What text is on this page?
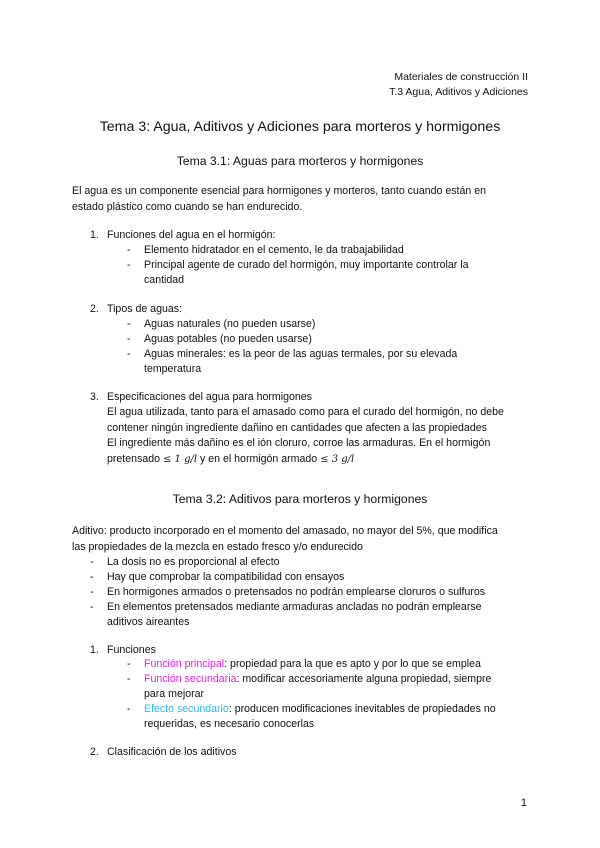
Materiales de construcción II
T.3 Agua, Aditivos y Adiciones
Tema 3: Agua, Aditivos y Adiciones para morteros y hormigones
Tema 3.1: Aguas para morteros y hormigones
El agua es un componente esencial para hormigones y morteros, tanto cuando están en
estado plástico como cuando se han endurecido.
1. Funciones del agua en el hormigón:
- Elemento hidratador en el cemento, le da trabajabilidad
- Principal agente de curado del hormigón, muy importante controlar la
cantidad
2. Tipos de aguas:
- Aguas naturales (no pueden usarse)
- Aguas potables (no pueden usarse)
- Aguas minerales: es la peor de las aguas termales, por su elevada
temperatura
3. Especificaciones del agua para hormigones
El agua utilizada, tanto para el amasado como para el curado del hormigón, no debe
contener ningún ingrediente dañino en cantidades que afecten a las propiedades
El ingrediente más dañino es el ión cloruro, corroe las armaduras. En el hormigón
pretensado ≤ 1 g/l y en el hormigón armado ≤ 3 g/l
Tema 3.2: Aditivos para morteros y hormigones
Aditivo: producto incorporado en el momento del amasado, no mayor del 5%, que modifica
las propiedades de la mezcla en estado fresco y/o endurecido
- La dosis no es proporcional al efecto
- Hay que comprobar la compatibilidad con ensayos
- En hormigones armados o pretensados no podrán emplearse cloruros o sulfuros
- En elementos pretensados mediante armaduras ancladas no podrán emplearse
aditivos aireantes
1. Funciones
- Función principal: propiedad para la que es apto y por lo que se emplea
- Función secundaria: modificar accesoriamente alguna propiedad, siempre
para mejorar
- Efecto secundario: producen modificaciones inevitables de propiedades no
requeridas, es necesario conocerlas
2. Clasificación de los aditivos
1
